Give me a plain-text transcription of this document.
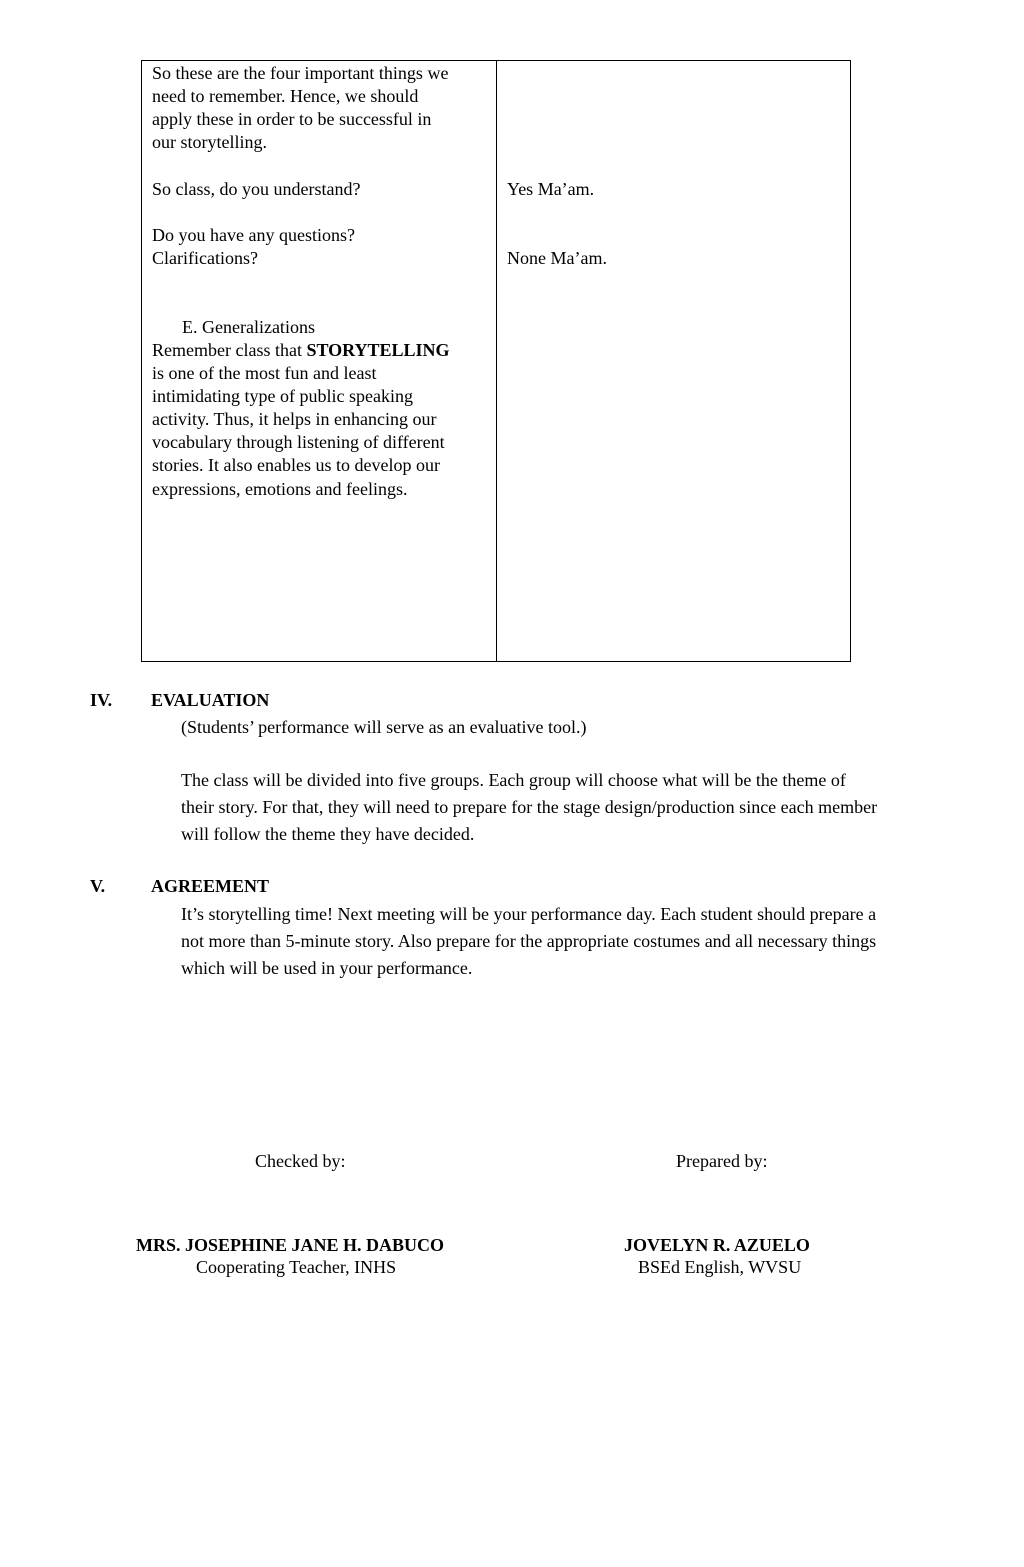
So these are the four important things we
need to remember. Hence, we should
apply these in order to be successful in
our storytelling.
So class, do you understand?
Do you have any questions?
Clarifications?
E. Generalizations
Remember class that STORYTELLING
is one of the most fun and least
intimidating type of public speaking
activity. Thus, it helps in enhancing our
vocabulary through listening of different
stories. It also enables us to develop our
expressions, emotions and feelings.
Yes Ma’am.
None Ma’am.
IV. EVALUATION
(Students’ performance will serve as an evaluative tool.)
The class will be divided into five groups. Each group will choose what will be the theme of
their story. For that, they will need to prepare for the stage design/production since each member
will follow the theme they have decided.
V.	AGREEMENT
It’s storytelling time! Next meeting will be your performance day. Each student should prepare a
not more than 5-minute story. Also prepare for the appropriate costumes and all necessary things
which will be used in your performance.
Checked by:	Prepared by:
MRS. JOSEPHINE JANE H. DABUCO
Cooperating Teacher, INHS
JOVELYN R. AZUELO
BSEd English, WVSU
